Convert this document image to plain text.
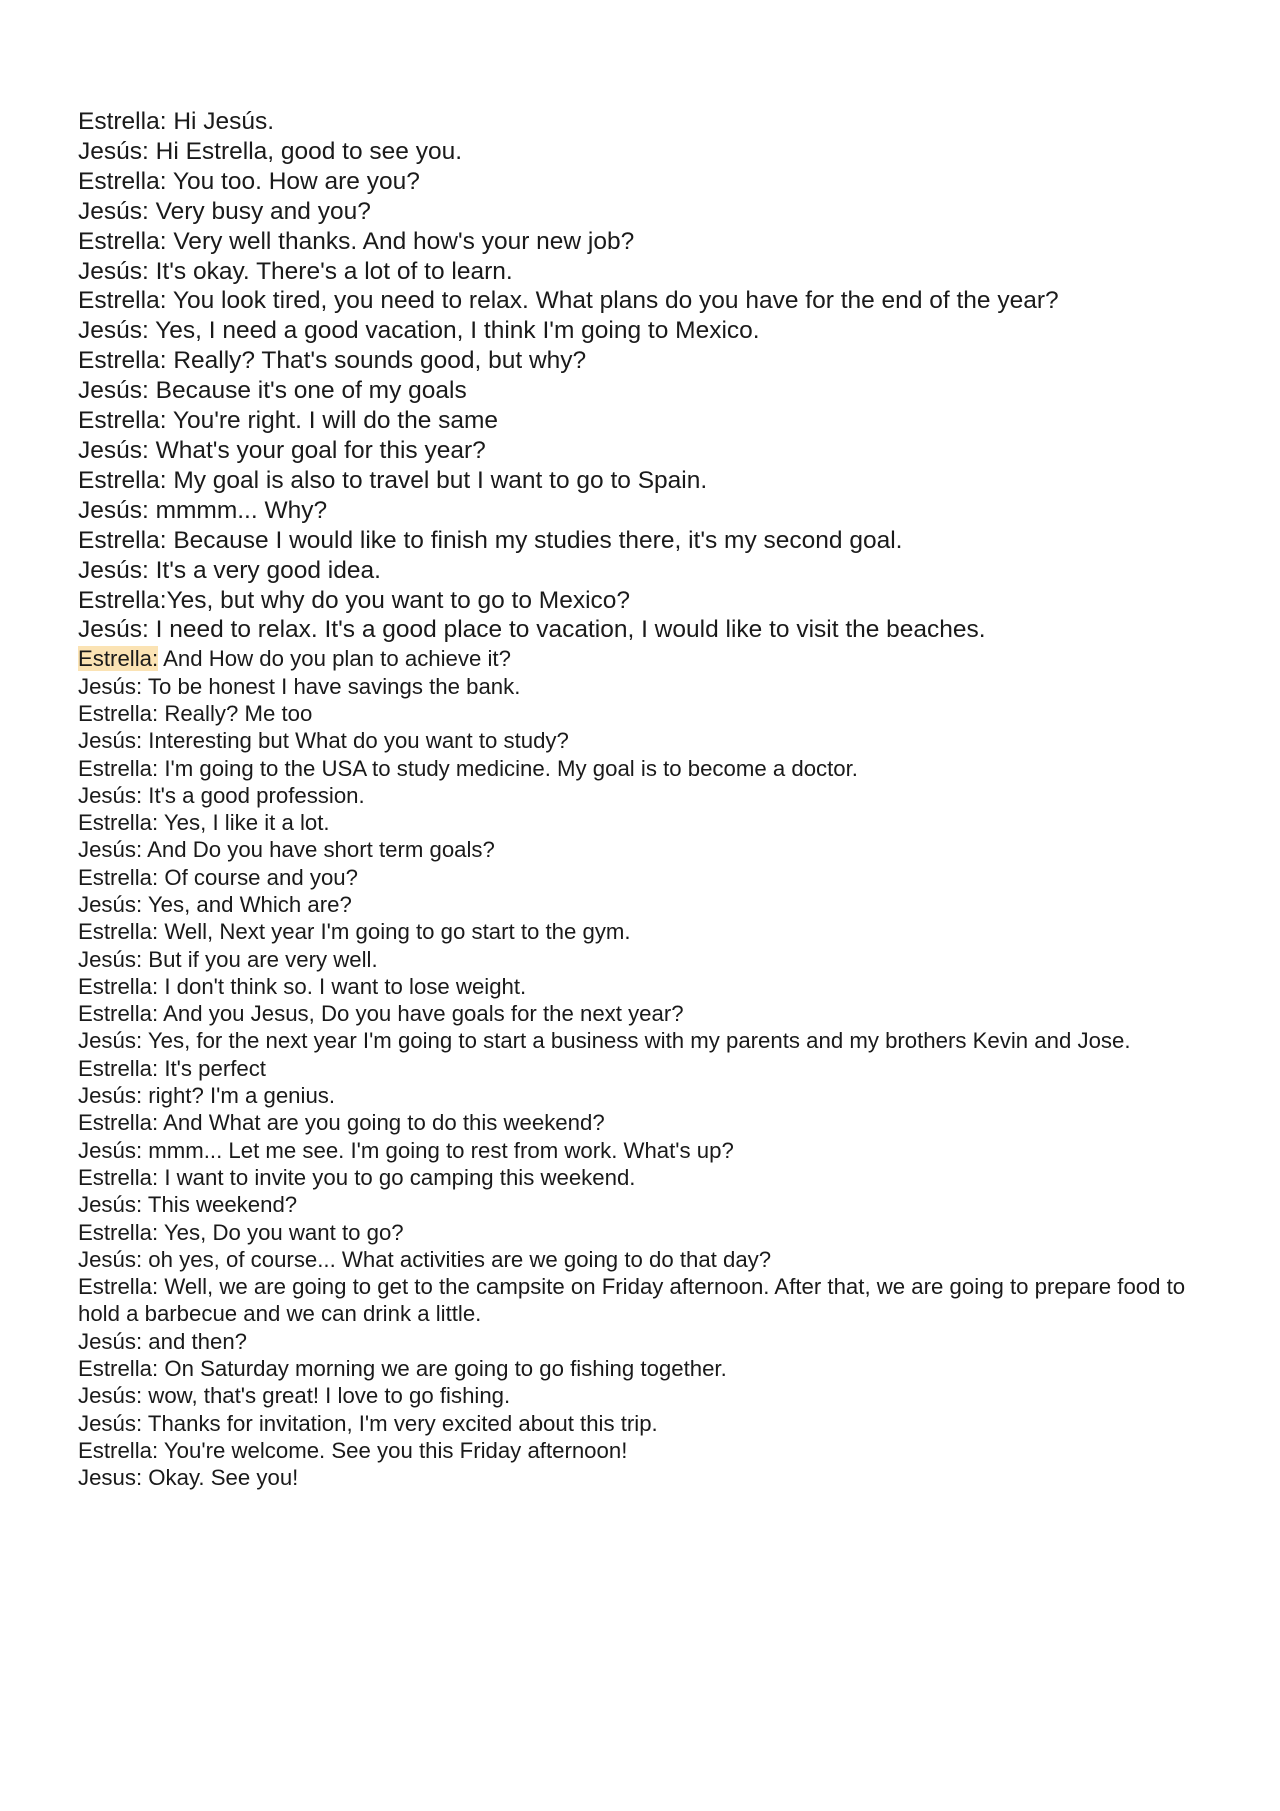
Estrella: Hi Jesús.

Jesús: Hi Estrella, good to see you.

Estrella: You too. How are you?

Jesús: Very busy and you?

Estrella: Very well thanks. And how's your new job?

Jesús: It's okay. There's a lot of to learn.

Estrella: You look tired, you need to relax. What plans do you have for the end of the year?

Jesús: Yes, I need a good vacation, I think I'm going to Mexico.

Estrella: Really? That's sounds good, but why?

Jesús: Because it's one of my goals

Estrella: You're right. I will do the same

Jesús: What's your goal for this year?

Estrella: My goal is also to travel but I want to go to Spain.

Jesús: mmmm... Why?

Estrella: Because I would like to finish my studies there, it's my second goal.

Jesús: It's a very good idea.

Estrella:Yes, but why do you want to go to Mexico?

Jesús: I need to relax. It's a good place to vacation, I would like to visit the beaches.

Estrella: And How do you plan to achieve it?

Jesús: To be honest I have savings the bank.

Estrella: Really? Me too

Jesús: Interesting but What do you want to study?

Estrella: I'm going to the USA to study medicine. My goal is to become a doctor.

Jesús: It's a good profession.

Estrella: Yes, I like it a lot.

Jesús: And Do you have short term goals?

Estrella: Of course and you?

Jesús: Yes, and Which are?

Estrella: Well, Next year I'm going to go start to the gym.

Jesús: But if you are very well.

Estrella: I don't think so. I want to lose weight.

Estrella: And you Jesus, Do you have goals for the next year?

Jesús: Yes, for the next year I'm going to start a business with my parents and my brothers Kevin and Jose.

Estrella: It's perfect

Jesús: right? I'm a genius.

Estrella: And What are you going to do this weekend?

Jesús: mmm... Let me see. I'm going to rest from work. What's up?

Estrella: I want to invite you to go camping this weekend.

Jesús: This weekend?

Estrella: Yes, Do you want to go?

Jesús: oh yes, of course... What activities are we going to do that day?

Estrella: Well, we are going to get to the campsite on Friday afternoon. After that, we are going to prepare food to hold a barbecue and we can drink a little.

Jesús: and then?

Estrella: On Saturday morning we are going to go fishing together.

Jesús: wow, that's great! I love to go fishing.

Jesús: Thanks for invitation, I'm very excited about this trip.

Estrella: You're welcome. See you this Friday afternoon!

Jesus: Okay. See you!
